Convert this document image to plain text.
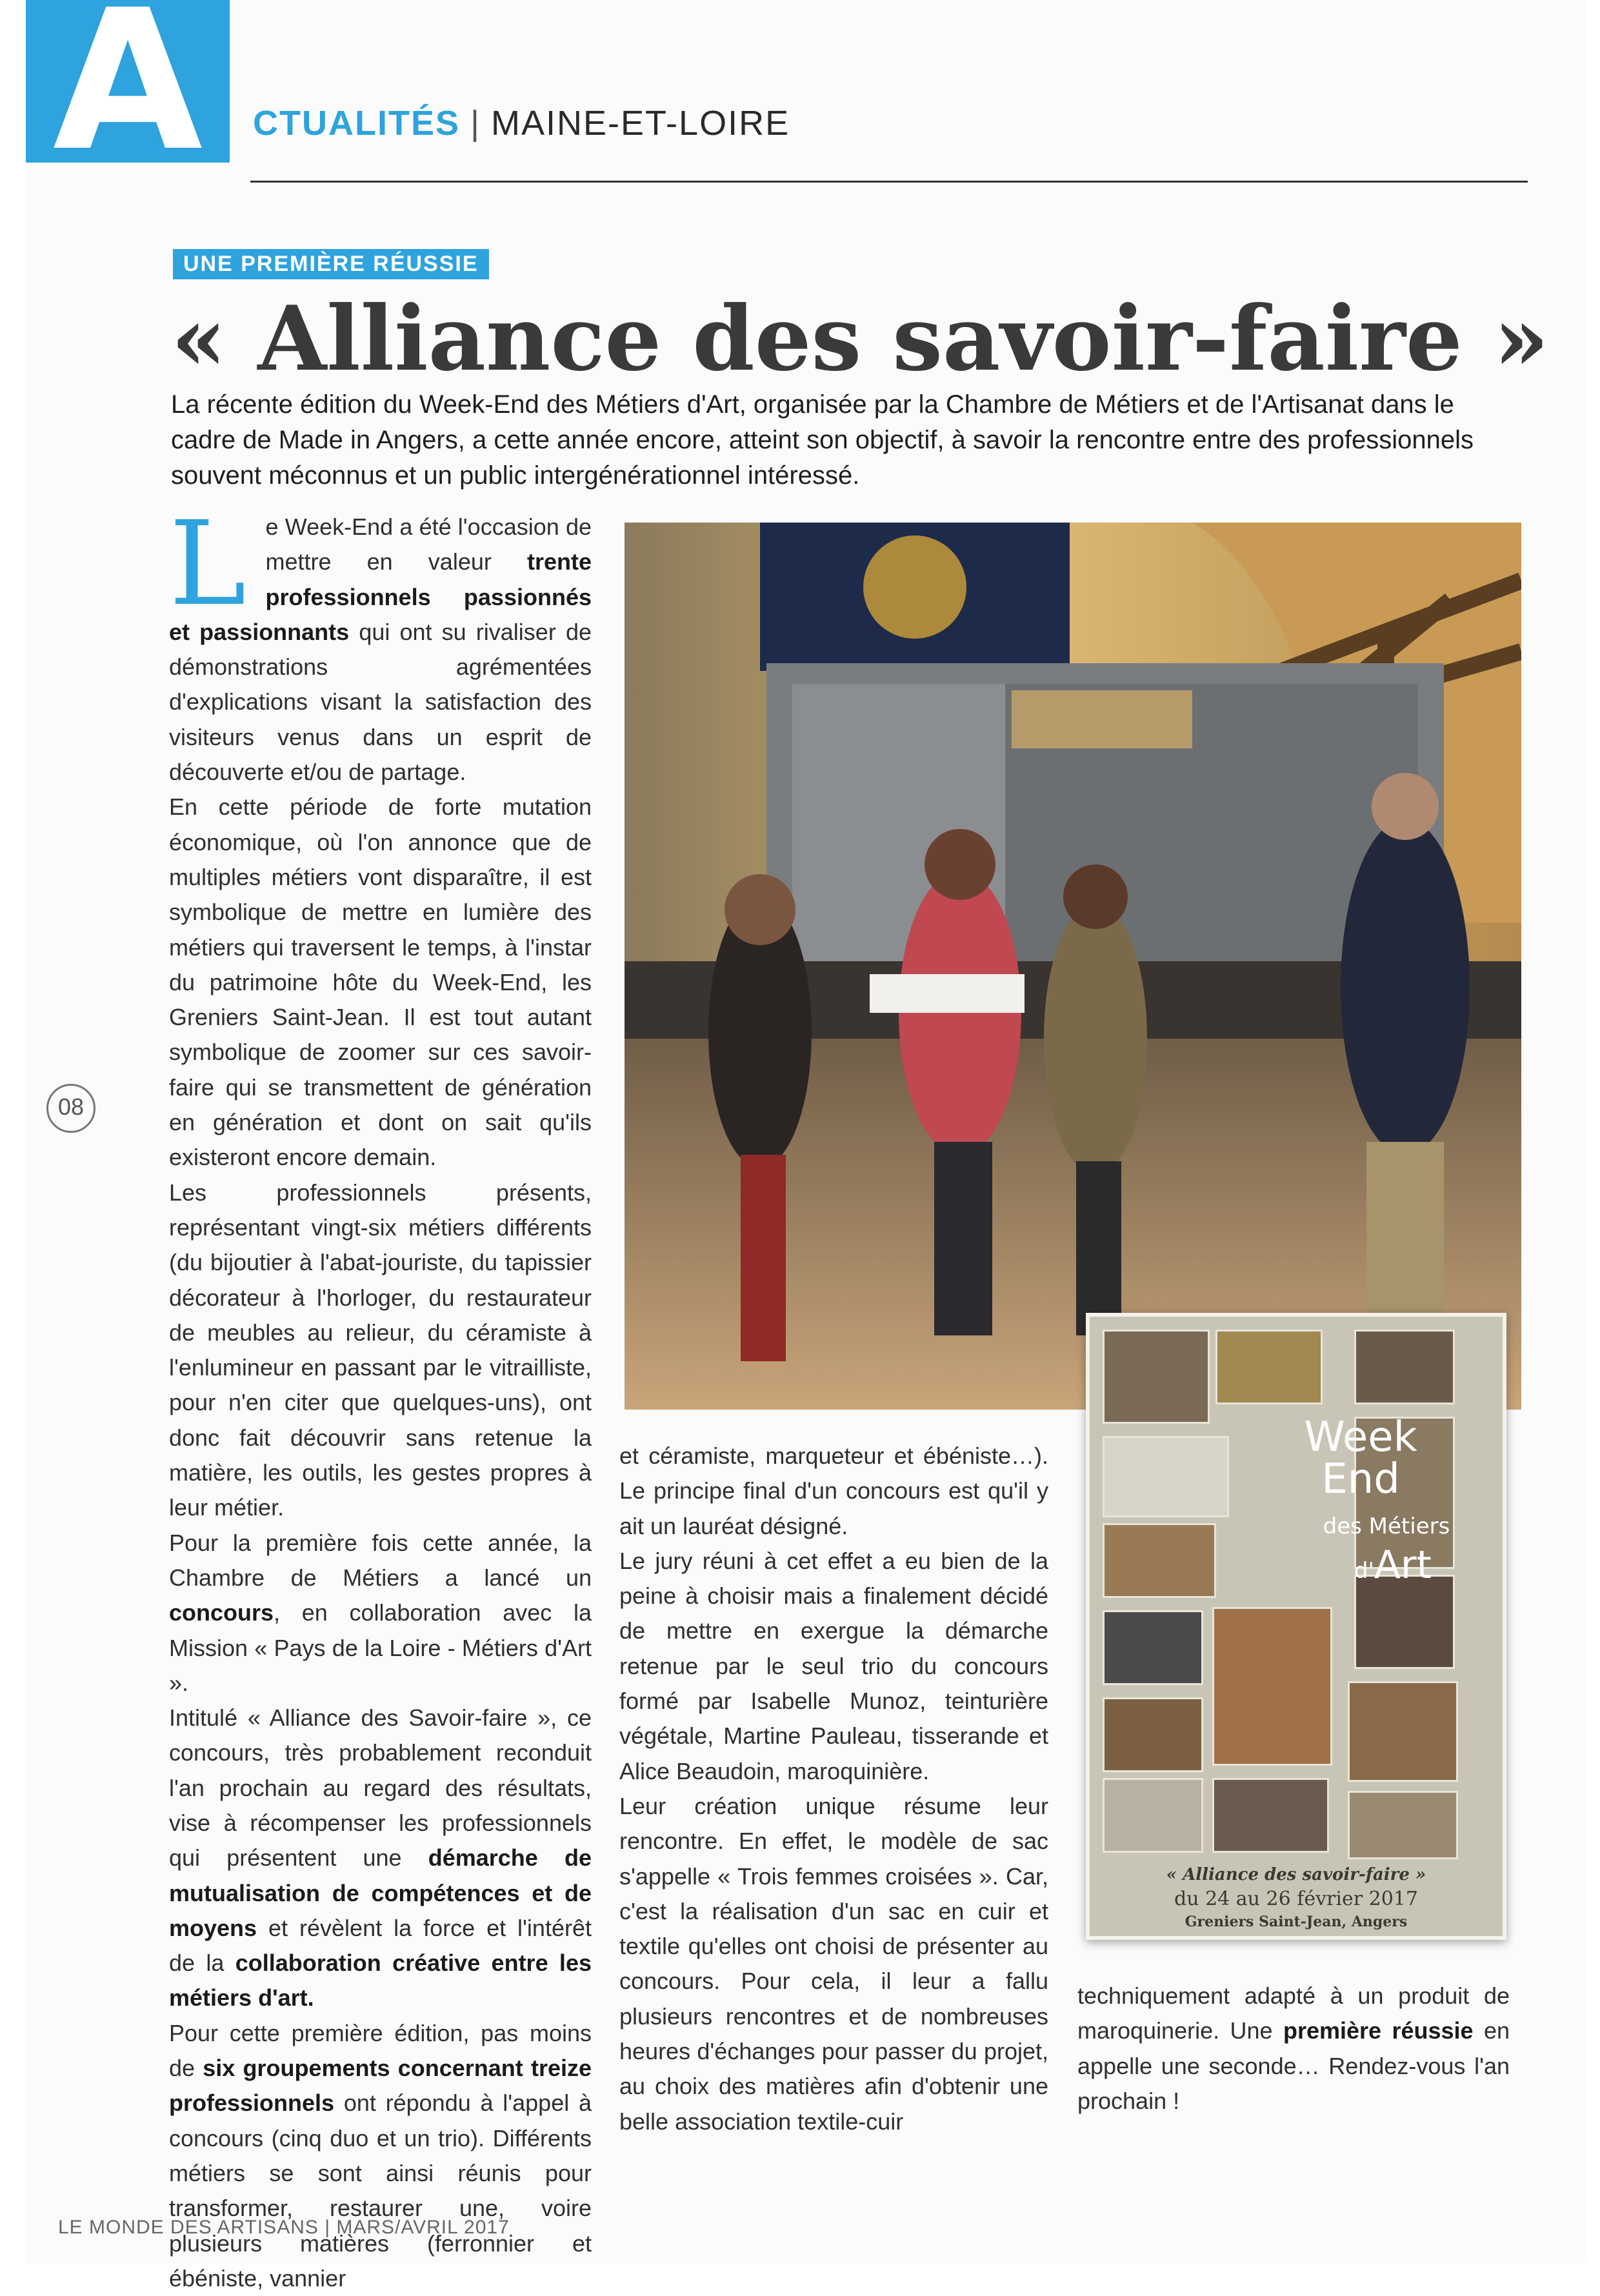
A	CTUALITÉS | MAINE-ET-LOIRE
UNE PREMIÈRE RÉUSSIE
« Alliance des savoir-faire »

La récente édition du Week-End des Métiers d'Art, organisée par la Chambre de Métiers et de l'Artisanat dans le cadre de Made in Angers, a cette année encore, atteint son objectif, à savoir la rencontre entre des professionnels souvent méconnus et un public intergénérationnel intéressé.

Le Week-End a été l'occasion de mettre en valeur trente professionnels passionnés et passionnants qui ont su rivaliser de démonstrations agrémentées d'explications visant la satisfaction des visiteurs venus dans un esprit de découverte et/ou de partage.

En cette période de forte mutation économique, où l'on annonce que de multiples métiers vont disparaître, il est symbolique de mettre en lumière des métiers qui traversent le temps, à l'instar du patrimoine hôte du Week-End, les Greniers Saint-Jean. Il est tout autant symbolique de zoomer sur ces savoir-faire qui se transmettent de génération en génération et dont on sait qu'ils existeront encore demain.

Les professionnels présents, représentant vingt-six métiers différents (du bijoutier à l'abat-jouriste, du tapissier décorateur à l'horloger, du restaurateur de meubles au relieur, du céramiste à l'enlumineur en passant par le vitrailliste, pour n'en citer que quelques-uns), ont donc fait découvrir sans retenue la matière, les outils, les gestes propres à leur métier.

Pour la première fois cette année, la Chambre de Métiers a lancé un concours, en collaboration avec la Mission « Pays de la Loire - Métiers d'Art ».

Intitulé « Alliance des Savoir-faire », ce concours, très probablement reconduit l'an prochain au regard des résultats, vise à récompenser les professionnels qui présentent une démarche de mutualisation de compétences et de moyens et révèlent la force et l'intérêt de la collaboration créative entre les métiers d'art.

Pour cette première édition, pas moins de six groupements concernant treize professionnels ont répondu à l'appel à concours (cinq duo et un trio). Différents métiers se sont ainsi réunis pour transformer, restaurer une, voire plusieurs matières (ferronnier et ébéniste, vannier

Week
End
des Métiers
d'Art
« Alliance des savoir-faire »
du 24 au 26 février 2017
Greniers Saint-Jean, Angers

et céramiste, marqueteur et ébéniste…). Le principe final d'un concours est qu'il y ait un lauréat désigné.

Le jury réuni à cet effet a eu bien de la peine à choisir mais a finalement décidé de mettre en exergue la démarche retenue par le seul trio du concours formé par Isabelle Munoz, teinturière végétale, Martine Pauleau, tisserande et Alice Beaudoin, maroquinière.

Leur création unique résume leur rencontre. En effet, le modèle de sac s'appelle « Trois femmes croisées ». Car, c'est la réalisation d'un sac en cuir et textile qu'elles ont choisi de présenter au concours. Pour cela, il leur a fallu plusieurs rencontres et de nombreuses heures d'échanges pour passer du projet, au choix des matières afin d'obtenir une belle association textile-cuir

techniquement adapté à un produit de maroquinerie. Une première réussie en appelle une seconde… Rendez-vous l'an prochain !

08
LE MONDE DES ARTISANS | MARS/AVRIL 2017
